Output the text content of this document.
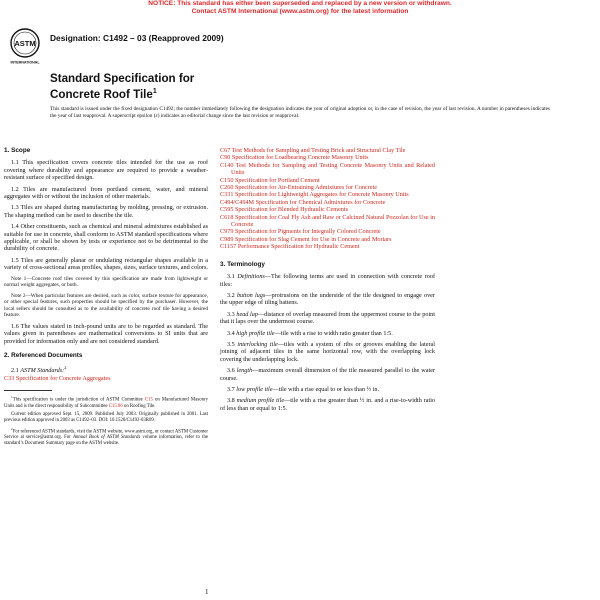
NOTICE: This standard has either been superseded and replaced by a new version or withdrawn.
Contact ASTM International (www.astm.org) for the latest information
ASTM
INTERNATIONAL
Designation: C1492 – 03 (Reapproved 2009)
Standard Specification for
Concrete Roof Tile$^1$
This standard is issued under the fixed designation C1492; the number immediately following the designation indicates the year of original adoption or, in the case of revision, the year of last revision. A number in parentheses indicates the year of last reapproval. A superscript epsilon (ε) indicates an editorial change since the last revision or reapproval.
1. Scope

1.1 This specification covers concrete tiles intended for the use as roof covering where durability and appearance are required to provide a weather-resistant surface of specified design.

1.2 Tiles are manufactured from portland cement, water, and mineral aggregates with or without the inclusion of other materials.

1.3 Tiles are shaped during manufacturing by molding, pressing, or extrusion. The shaping method can be used to describe the tile.

1.4 Other constituents, such as chemical and mineral admixtures established as suitable for use in concrete, shall conform to ASTM standard specifications where applicable, or shall be shown by tests or experience not to be detrimental to the durability of concrete.

1.5 Tiles are generally planar or undulating rectangular shapes available in a variety of cross-sectional areas profiles, shapes, sizes, surface textures, and colors.

Note 1—Concrete roof tiles covered by this specification are made from lightweight or normal weight aggregates, or both.

Note 2—When particular features are desired, such as color, surface texture for appearance, or other special features, such properties should be specified by the purchaser. However, the local sellers should be consulted as to the availability of concrete roof tile having a desired feature.

1.6 The values stated in inch-pound units are to be regarded as standard. The values given in parentheses are mathematical conversions to SI units that are provided for information only and are not considered standard.

2. Referenced Documents

2.1 ASTM Standards:$^2$

C33 Specification for Concrete Aggregates

$^1$This specification is under the jurisdiction of ASTM Committee C15 on Manufactured Masonry Units and is the direct responsibility of Subcommittee C15.06 on Roofing Tile.
Current edition approved Sept. 15, 2009. Published July 2003. Originally published in 2001. Last previous edition approved in 2003 as C1492–03. DOI: 10.1520/C1492-03R09.
$^2$For referenced ASTM standards, visit the ASTM website, www.astm.org, or contact ASTM Customer Service at service@astm.org. For Annual Book of ASTM Standards volume information, refer to the standard’s Document Summary page on the ASTM website.

C67 Test Methods for Sampling and Testing Brick and Structural Clay Tile

C90 Specification for Loadbearing Concrete Masonry Units

C140 Test Methods for Sampling and Testing Concrete Masonry Units and Related Units

C150 Specification for Portland Cement

C260 Specification for Air-Entraining Admixtures for Concrete

C331 Specification for Lightweight Aggregates for Concrete Masonry Units

C494/C494M Specification for Chemical Admixtures for Concrete

C595 Specification for Blended Hydraulic Cements

C618 Specification for Coal Fly Ash and Raw or Calcined Natural Pozzolan for Use in Concrete

C979 Specification for Pigments for Integrally Colored Concrete

C989 Specification for Slag Cement for Use in Concrete and Mortars

C1157 Performance Specification for Hydraulic Cement

3. Terminology

3.1 Definitions—The following terms are used in connection with concrete roof tiles:

3.2 button lugs—protrusions on the underside of the tile designed to engage over the upper edge of tiling battens.

3.3 head lap—distance of overlap measured from the uppermost course to the point that it laps over the undermost course.

3.4 high profile tile—tile with a rise to width ratio greater than 1:5.

3.5 interlocking tile—tiles with a system of ribs or grooves enabling the lateral joining of adjacent tiles in the same horizontal row, with the overlapping lock covering the underlapping lock.

3.6 length—maximum overall dimension of the tile measured parallel to the water course.

3.7 low profile tile—tile with a rise equal to or less than ½ in.

3.8 medium profile tile—tile with a rise greater than ½ in. and a rise-to-width ratio of less than or equal to 1:5.

1
